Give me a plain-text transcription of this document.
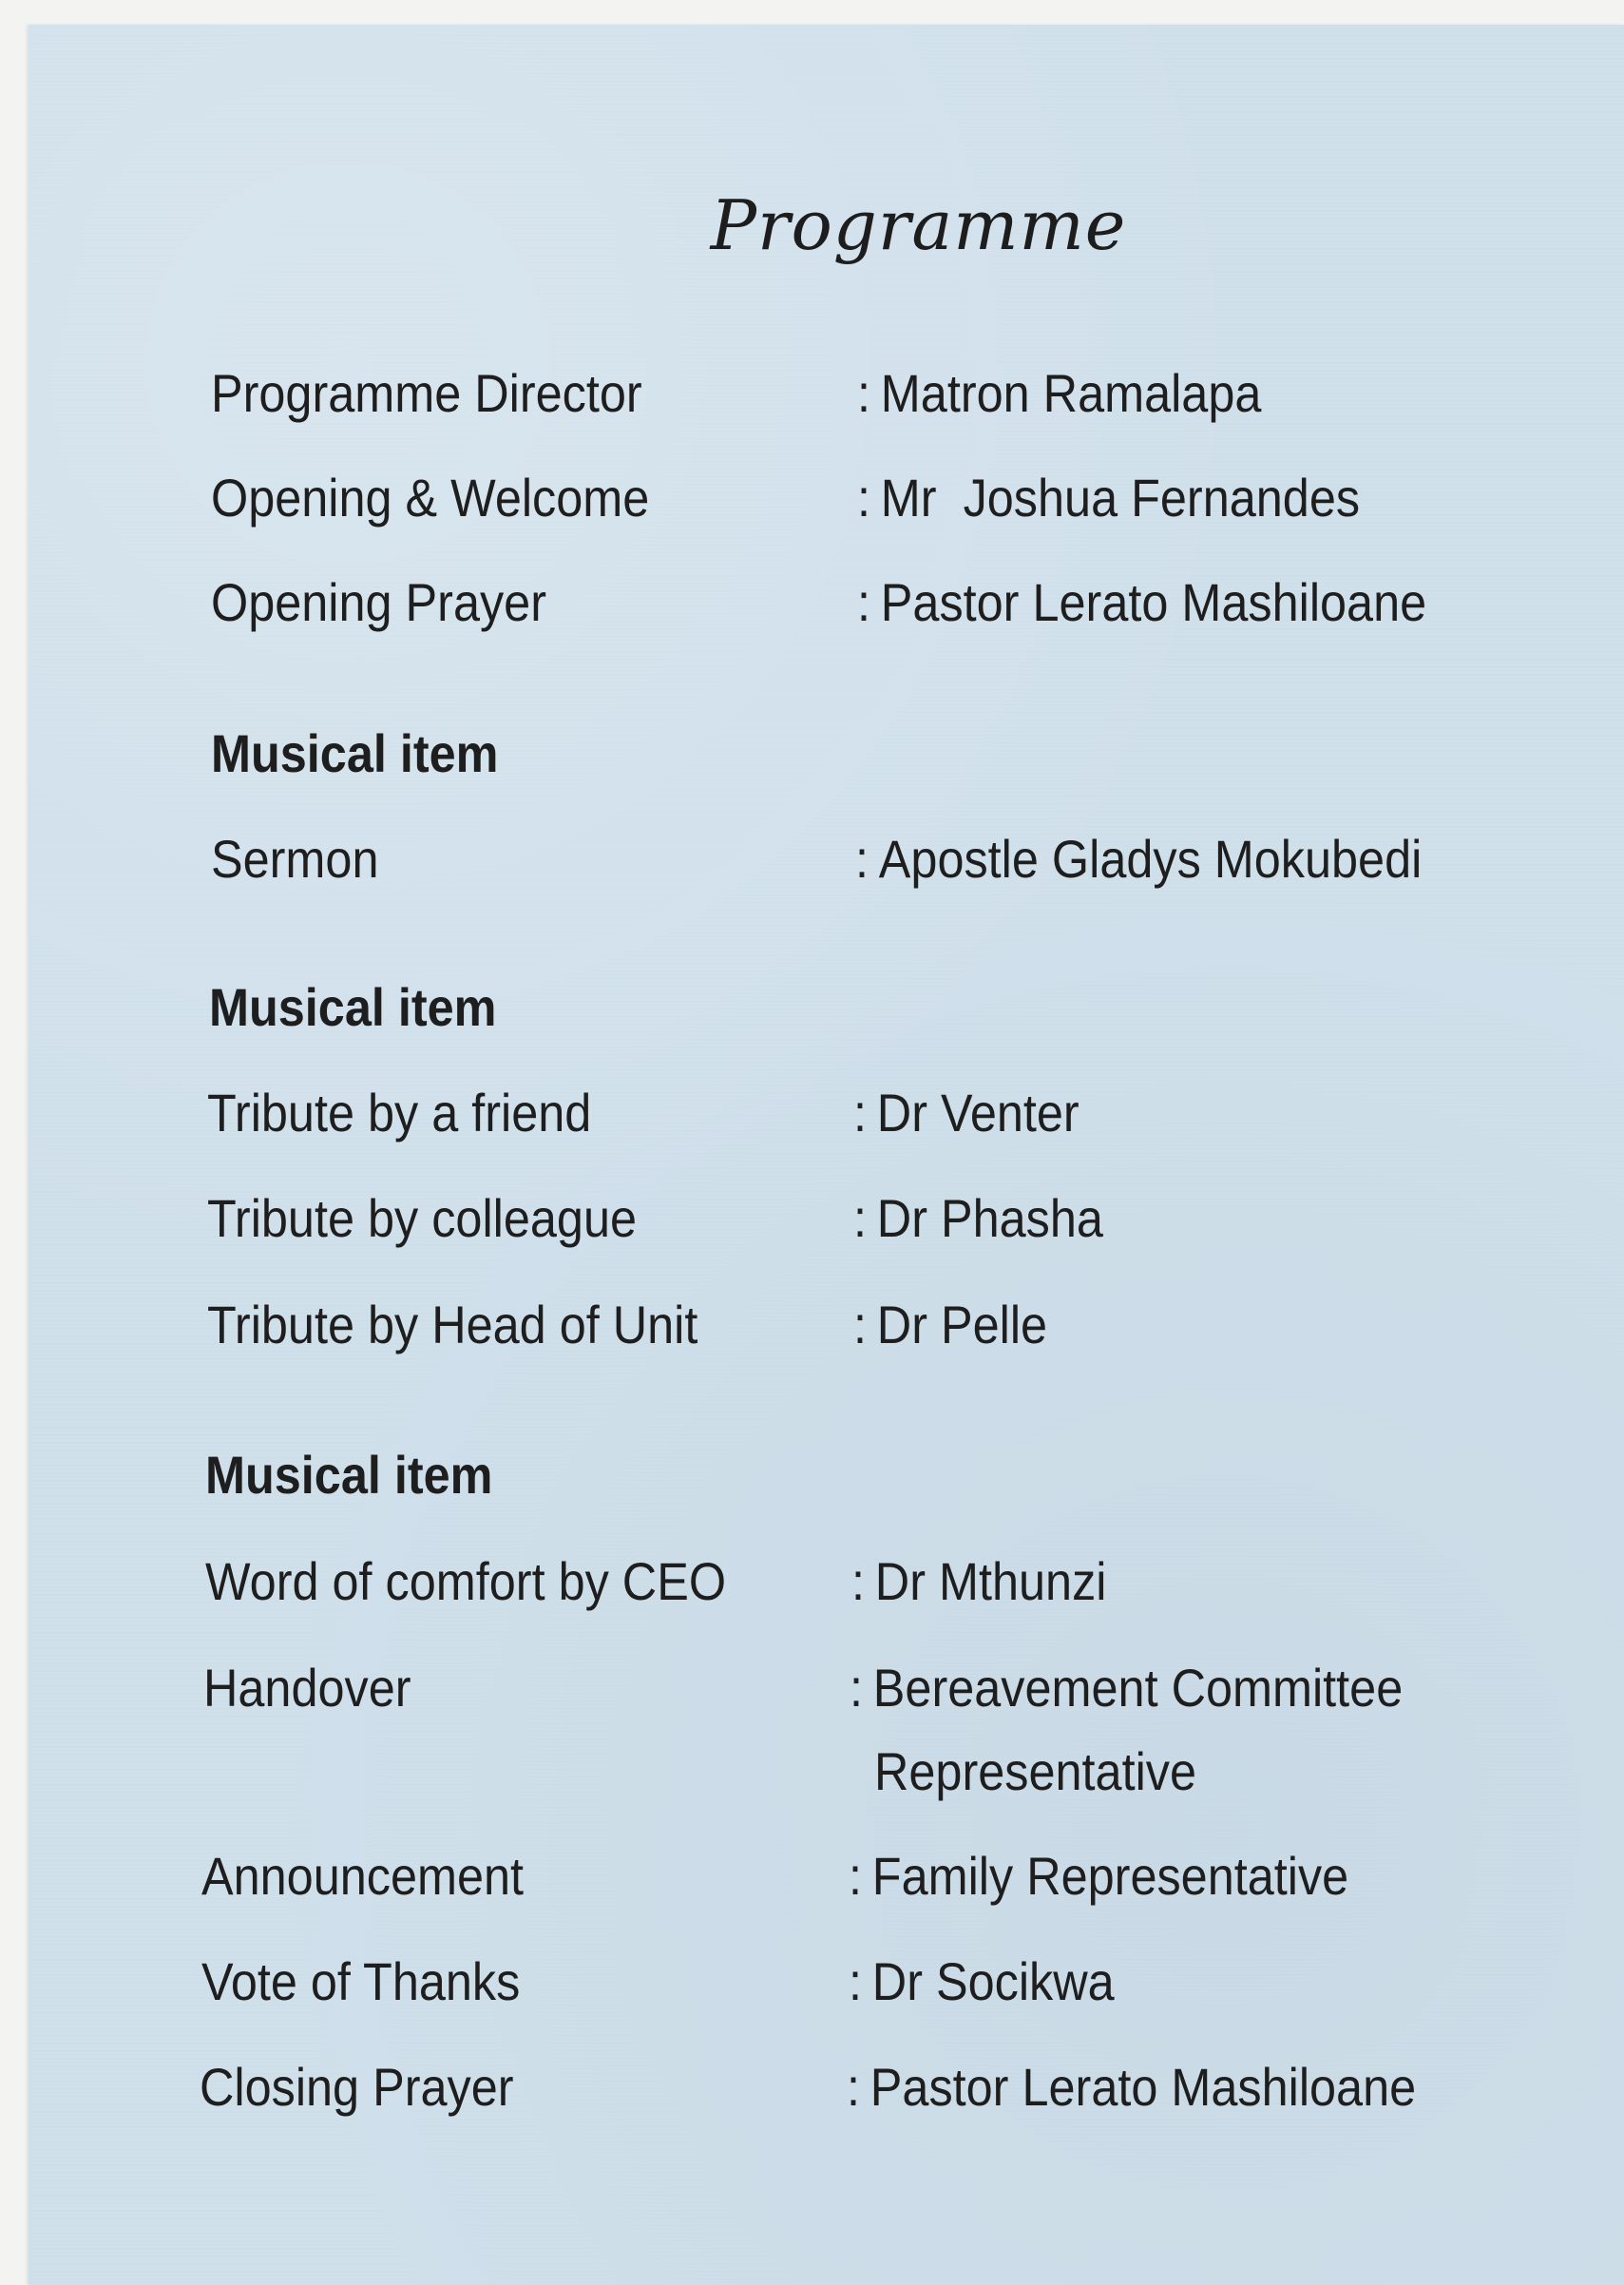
Programme
Programme Director	: Matron Ramalapa
Opening & Welcome	: Mr  Joshua Fernandes
Opening Prayer	: Pastor Lerato Mashiloane
Musical item
Sermon	: Apostle Gladys Mokubedi
Musical item
Tribute by a friend	: Dr Venter
Tribute by colleague	: Dr Phasha
Tribute by Head of Unit	: Dr Pelle
Musical item
Word of comfort by CEO : Dr Mthunzi
Handover	: Bereavement Committee
Representative
Announcement	: Family Representative
Vote of Thanks	: Dr Socikwa
Closing Prayer	: Pastor Lerato Mashiloane
